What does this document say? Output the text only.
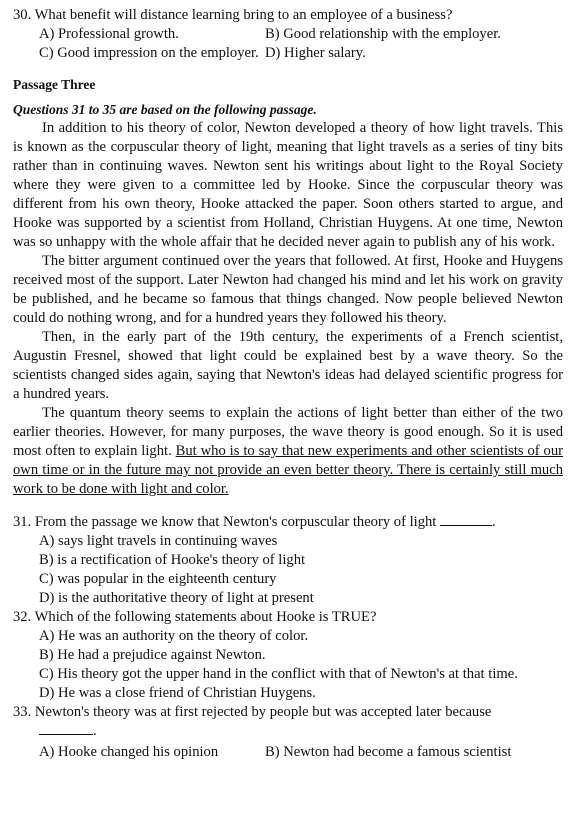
30. What benefit will distance learning bring to an employee of a business?
A) Professional growth.	B) Good relationship with the employer.
C) Good impression on the employer. D) Higher salary.
Passage Three
Questions 31 to 35 are based on the following passage.

In addition to his theory of color, Newton developed a theory of how light travels. This is known as the corpuscular theory of light, meaning that light travels as a series of tiny bits rather than in continuing waves. Newton sent his writings about light to the Royal Society where they were given to a committee led by Hooke. Since the corpuscular theory was different from his own theory, Hooke attacked the paper. Soon others started to argue, and Hooke was supported by a scientist from Holland, Christian Huygens. At one time, Newton was so unhappy with the whole affair that he decided never again to publish any of his work.

The bitter argument continued over the years that followed. At first, Hooke and Huygens received most of the support. Later Newton had changed his mind and let his work on gravity be published, and he became so famous that things changed. Now people believed Newton could do nothing wrong, and for a hundred years they followed his theory.

Then, in the early part of the 19th century, the experiments of a French scientist, Augustin Fresnel, showed that light could be explained best by a wave theory. So the scientists changed sides again, saying that Newton's ideas had delayed scientific progress for a hundred years.

The quantum theory seems to explain the actions of light better than either of the two earlier theories. However, for many purposes, the wave theory is good enough. So it is used most often to explain light. But who is to say that new experiments and other scientists of our own time or in the future may not provide an even better theory. There is certainly still much work to be done with light and color.

31. From the passage we know that Newton's corpuscular theory of light	.
A) says light travels in continuing waves
B) is a rectification of Hooke's theory of light
C) was popular in the eighteenth century
D) is the authoritative theory of light at present
32. Which of the following statements about Hooke is TRUE?
A) He was an authority on the theory of color.
B) He had a prejudice against Newton.
C) His theory got the upper hand in the conflict with that of Newton's at that time.
D) He was a close friend of Christian Huygens.
33. Newton's theory was at first rejected by people but was accepted later because
.
A) Hooke changed his opinion	B) Newton had become a famous scientist
